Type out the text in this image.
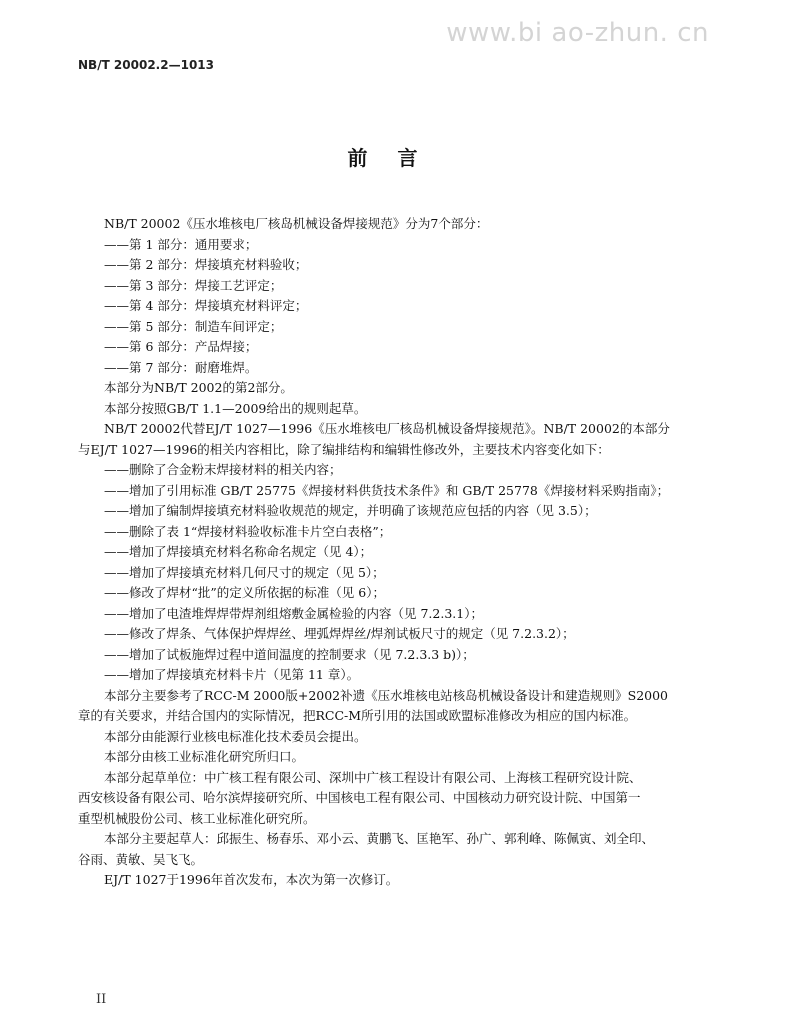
www.bi ao-zhun. cn
NB/T 20002.2—1013
前言
NB/T 20002《压水堆核电厂核岛机械设备焊接规范》分为7个部分：
——第 1 部分：通用要求；
——第 2 部分：焊接填充材料验收；
——第 3 部分：焊接工艺评定；
——第 4 部分：焊接填充材料评定；
——第 5 部分：制造车间评定；
——第 6 部分：产品焊接；
——第 7 部分：耐磨堆焊。
本部分为NB/T 2002的第2部分。
本部分按照GB/T 1.1—2009给出的规则起草。
NB/T 20002代替EJ/T 1027—1996《压水堆核电厂核岛机械设备焊接规范》。NB/T 20002的本部分
与EJ/T 1027—1996的相关内容相比，除了编排结构和编辑性修改外，主要技术内容变化如下：
——删除了合金粉末焊接材料的相关内容；
——增加了引用标准 GB/T 25775《焊接材料供货技术条件》和 GB/T 25778《焊接材料采购指南》；
——增加了编制焊接填充材料验收规范的规定，并明确了该规范应包括的内容（见 3.5）；
——删除了表 1“焊接材料验收标准卡片空白表格”；
——增加了焊接填充材料名称命名规定（见 4）；
——增加了焊接填充材料几何尺寸的规定（见 5）；
——修改了焊材“批”的定义所依据的标准（见 6）；
——增加了电渣堆焊焊带焊剂组熔敷金属检验的内容（见 7.2.3.1）；
——修改了焊条、气体保护焊焊丝、埋弧焊焊丝/焊剂试板尺寸的规定（见 7.2.3.2）；
——增加了试板施焊过程中道间温度的控制要求（见 7.2.3.3 b)）；
——增加了焊接填充材料卡片（见第 11 章）。
本部分主要参考了RCC-M 2000版+2002补遗《压水堆核电站核岛机械设备设计和建造规则》S2000
章的有关要求，并结合国内的实际情况，把RCC-M所引用的法国或欧盟标准修改为相应的国内标准。
本部分由能源行业核电标准化技术委员会提出。
本部分由核工业标准化研究所归口。
本部分起草单位：中广核工程有限公司、深圳中广核工程设计有限公司、上海核工程研究设计院、
西安核设备有限公司、哈尔滨焊接研究所、中国核电工程有限公司、中国核动力研究设计院、中国第一
重型机械股份公司、核工业标准化研究所。
本部分主要起草人：邱振生、杨春乐、邓小云、黄鹏飞、匡艳军、孙广、郭利峰、陈佩寅、刘全印、
谷雨、黄敏、吴飞飞。
EJ/T 1027于1996年首次发布，本次为第一次修订。
II
